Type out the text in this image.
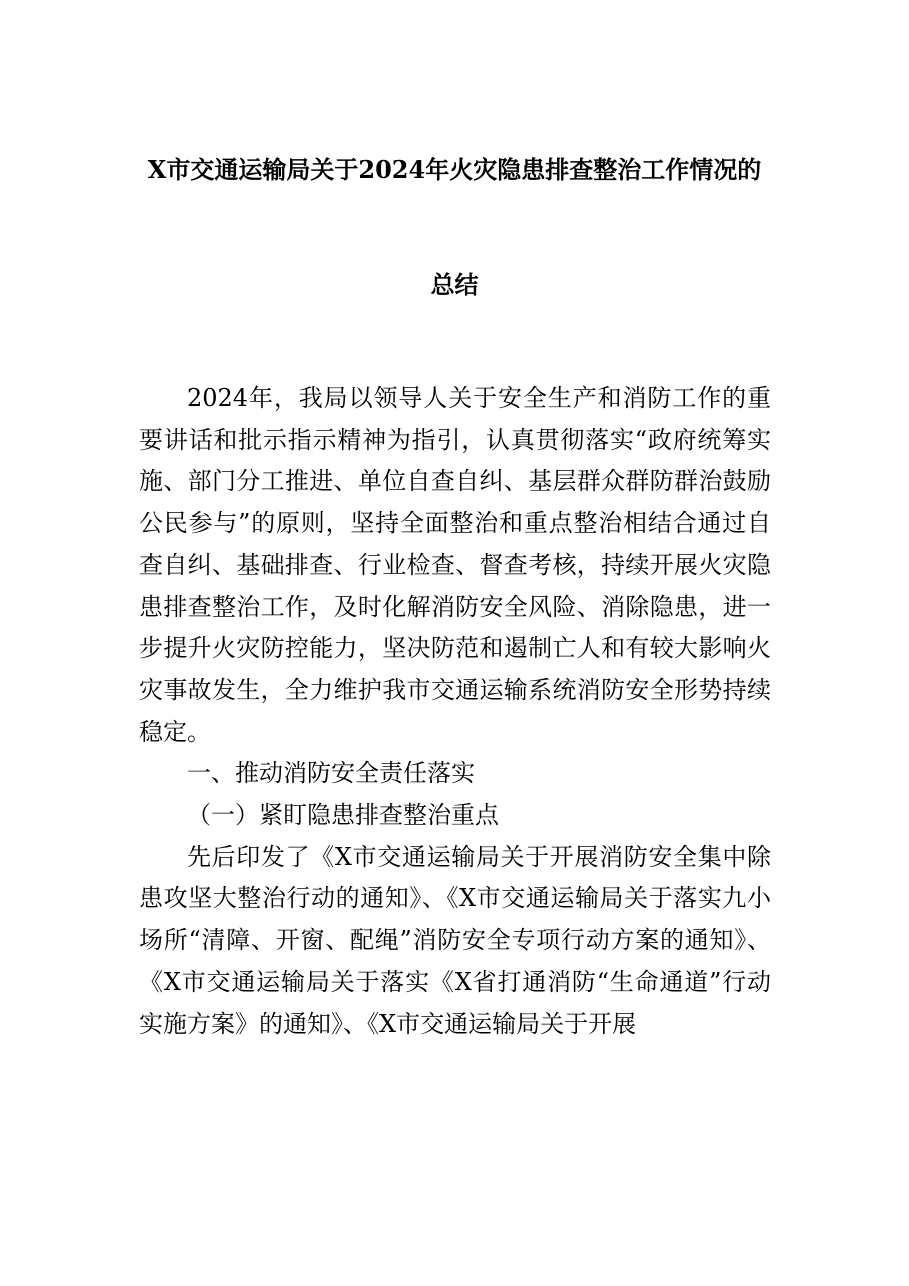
X市交通运输局关于2024年火灾隐患排查整治工作情况的
总结

2024年，我局以领导人关于安全生产和消防工作的重要讲话和批示指示精神为指引，认真贯彻落实“政府统筹实施、部门分工推进、单位自查自纠、基层群众群防群治鼓励公民参与”的原则，坚持全面整治和重点整治相结合通过自查自纠、基础排查、行业检查、督查考核，持续开展火灾隐患排查整治工作，及时化解消防安全风险、消除隐患，进一步提升火灾防控能力，坚决防范和遏制亡人和有较大影响火灾事故发生，全力维护我市交通运输系统消防安全形势持续稳定。

一、推动消防安全责任落实

（一）紧盯隐患排查整治重点

先后印发了《X市交通运输局关于开展消防安全集中除患攻坚大整治行动的通知》、《X市交通运输局关于落实九小场所“清障、开窗、配绳”消防安全专项行动方案的通知》、《X市交通运输局关于落实《X省打通消防“生命通道”行动实施方案》的通知》、《X市交通运输局关于开展
